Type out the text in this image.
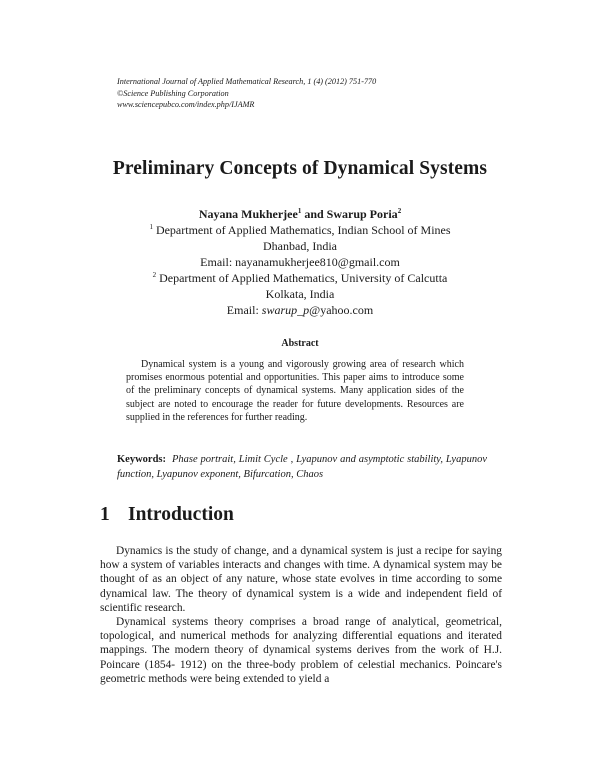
International Journal of Applied Mathematical Research, 1 (4) (2012) 751-770
©Science Publishing Corporation
www.sciencepubco.com/index.php/IJAMR
Preliminary Concepts of Dynamical Systems
Nayana Mukherjee$^1$ and Swarup Poria$^2$
$^1$ Department of Applied Mathematics, Indian School of Mines
Dhanbad, India
Email: nayanamukherjee810@gmail.com
$^2$ Department of Applied Mathematics, University of Calcutta
Kolkata, India
Email: swarup_p@yahoo.com
Abstract
Dynamical system is a young and vigorously growing area of research which promises enormous potential and opportunities. This paper aims to introduce some of the preliminary concepts of dynamical systems. Many application sides of the subject are noted to encourage the reader for future developments. Resources are supplied in the references for further reading.
Keywords: Phase portrait, Limit Cycle , Lyapunov and asymptotic stability, Lyapunov function, Lyapunov exponent, Bifurcation, Chaos
1 Introduction

Dynamics is the study of change, and a dynamical system is just a recipe for saying how a system of variables interacts and changes with time. A dynamical system may be thought of as an object of any nature, whose state evolves in time according to some dynamical law. The theory of dynamical system is a wide and independent field of scientific research.

Dynamical systems theory comprises a broad range of analytical, geometrical, topological, and numerical methods for analyzing differential equations and iterated mappings. The modern theory of dynamical systems derives from the work of H.J. Poincare (1854- 1912) on the three-body problem of celestial mechanics. Poincare's geometric methods were being extended to yield a
